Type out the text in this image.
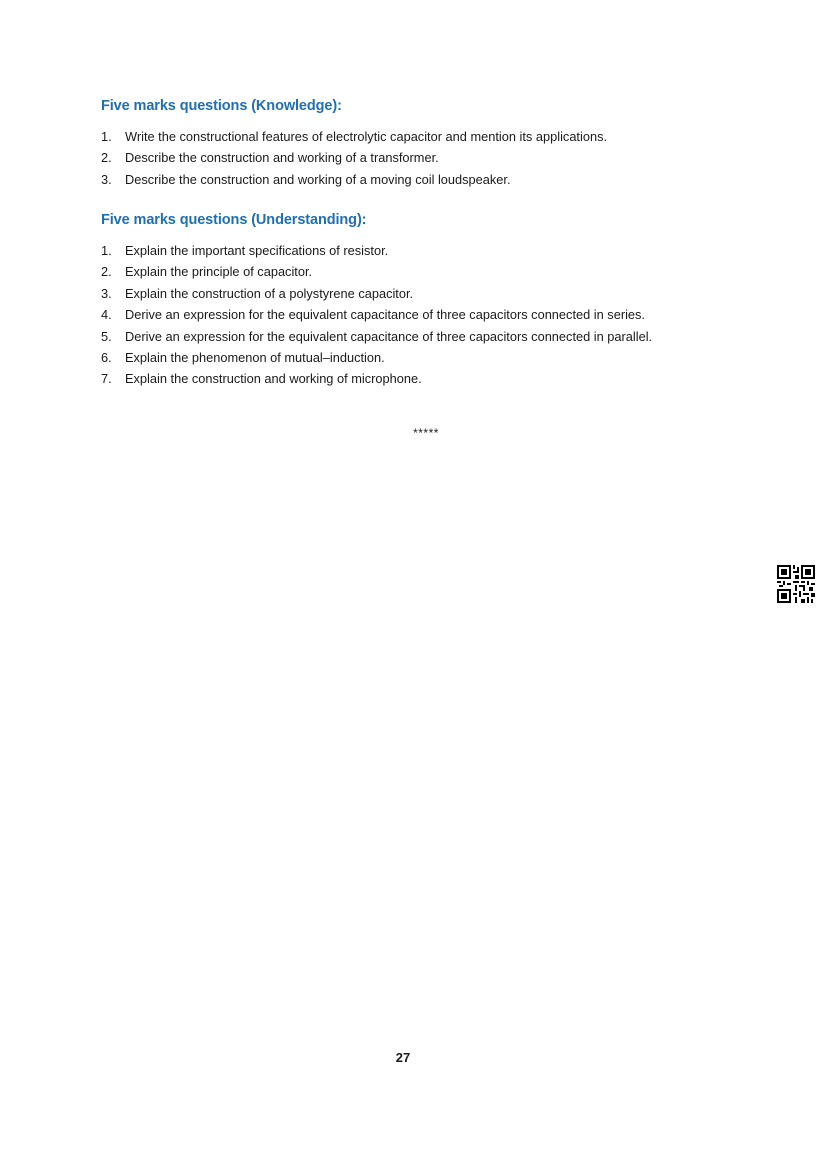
Five marks questions (Knowledge):
1.	Write the constructional features of electrolytic capacitor and mention its applications.
2.	Describe the construction and working of a transformer.
3.	Describe the construction and working of a moving coil loudspeaker.
Five marks questions (Understanding):
1.	Explain the important specifications of resistor.
2.	Explain the principle of capacitor.
3.	Explain the construction of a polystyrene capacitor.
4.	Derive an expression for the equivalent capacitance of three capacitors connected in series.
5.	Derive an expression for the equivalent capacitance of three capacitors connected in parallel.
6.	Explain the phenomenon of mutual–induction.
7.	Explain the construction and working of microphone.
*****
27
